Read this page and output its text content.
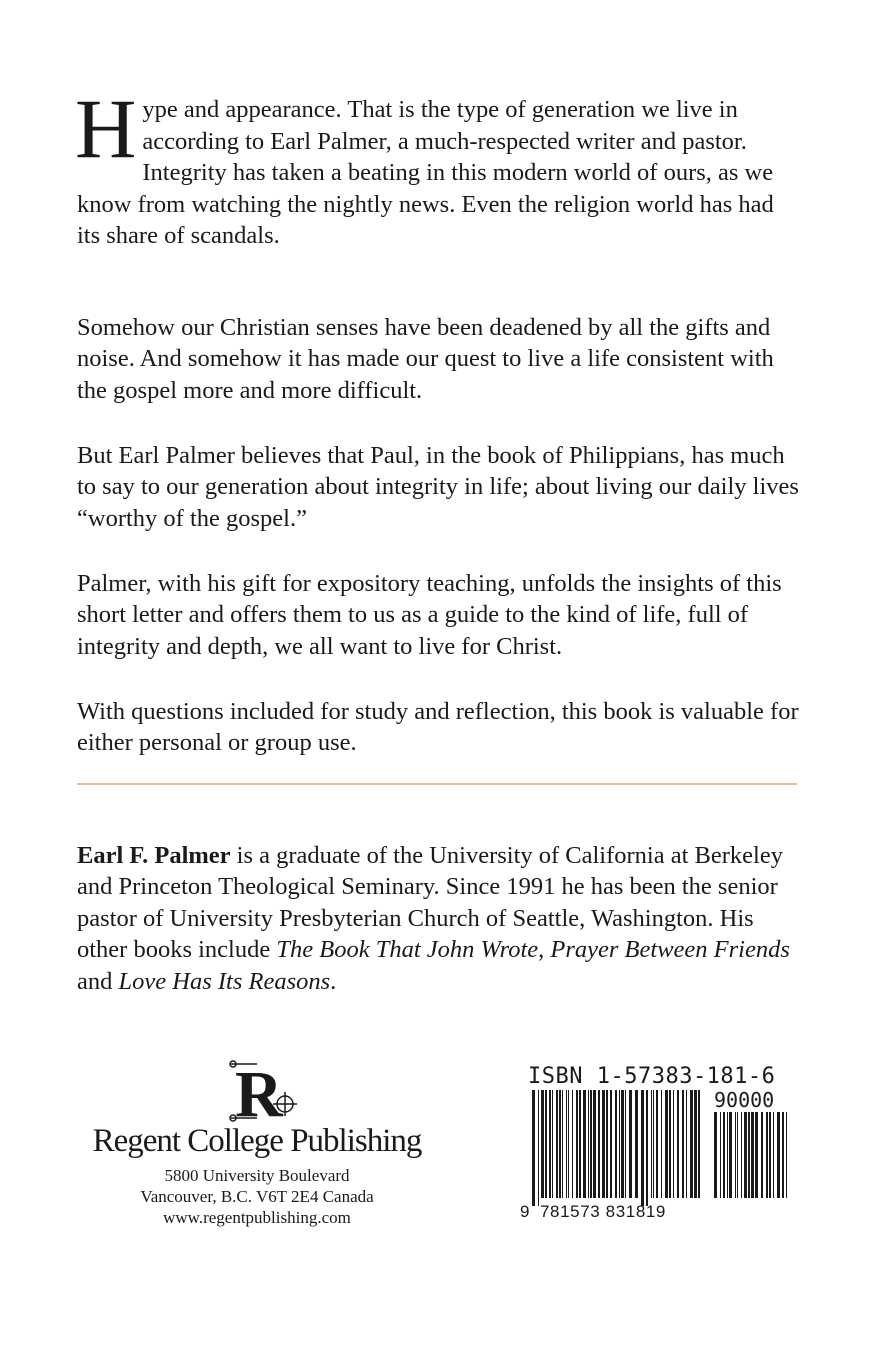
Hype and appearance. That is the type of generation we live in according to Earl Palmer, a much-respected writer and pastor. Integrity has taken a beating in this modern world of ours, as we know from watching the nightly news. Even the religion world has had its share of scandals.

Somehow our Christian senses have been deadened by all the gifts and noise. And somehow it has made our quest to live a life consistent with the gospel more and more difficult.

But Earl Palmer believes that Paul, in the book of Philippians, has much to say to our generation about integrity in life; about living our daily lives “worthy of the gospel.”

Palmer, with his gift for expository teaching, unfolds the insights of this short letter and offers them to us as a guide to the kind of life, full of integrity and depth, we all want to live for Christ.

With questions included for study and reflection, this book is valuable for either personal or group use.

Earl F. Palmer is a graduate of the University of California at Berkeley and Princeton Theological Seminary. Since 1991 he has been the senior pastor of University Presbyterian Church of Seattle, Washington. His other books include The Book That John Wrote, Prayer Between Friends and Love Has Its Reasons.

R
Regent College Publishing
5800 University Boulevard
Vancouver, B.C. V6T 2E4 Canada
www.regentpublishing.com
ISBN 1-57383-181-6
90000
9 781573 831819
